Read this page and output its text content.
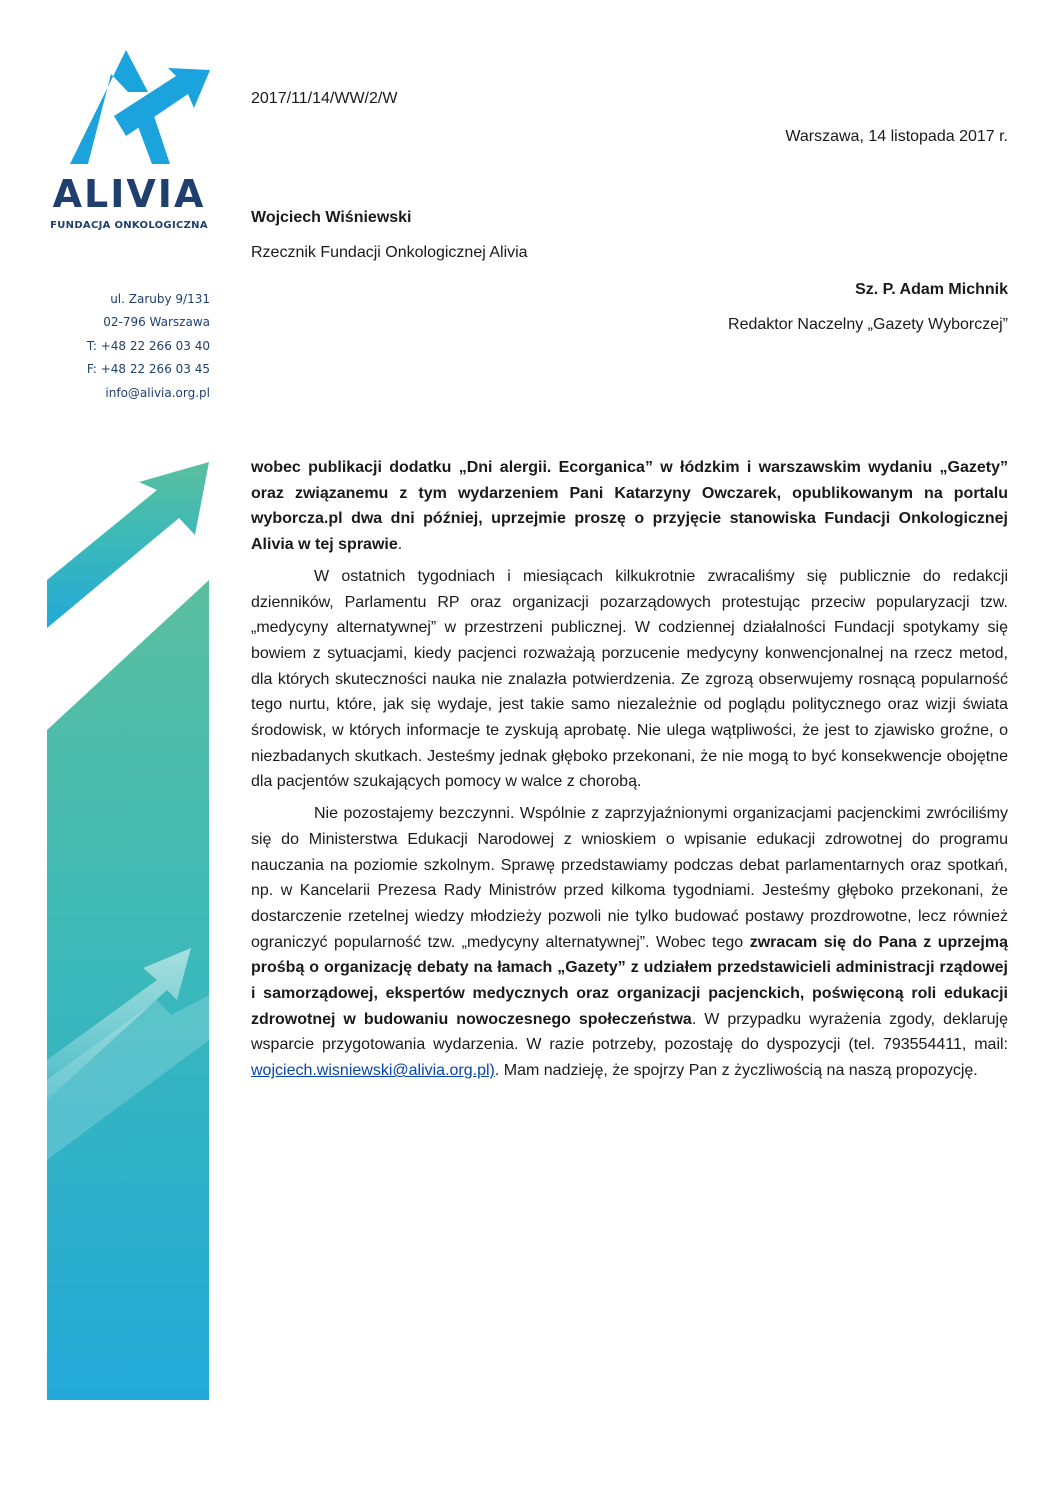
ALIVIA
FUNDACJA ONKOLOGICZNA
ul. Zaruby 9/131
02-796 Warszawa
T: +48 22 266 03 40
F: +48 22 266 03 45
info@alivia.org.pl
2017/11/14/WW/2/W
Warszawa, 14 listopada 2017 r.
Wojciech Wiśniewski
Rzecznik Fundacji Onkologicznej Alivia
Sz. P. Adam Michnik
Redaktor Naczelny „Gazety Wyborczej”

wobec publikacji dodatku „Dni alergii. Ecorganica” w łódzkim i warszawskim wydaniu „Gazety” oraz związanemu z tym wydarzeniem Pani Katarzyny Owczarek, opublikowanym na portalu wyborcza.pl dwa dni później, uprzejmie proszę o przyjęcie stanowiska Fundacji Onkologicznej Alivia w tej sprawie.

W ostatnich tygodniach i miesiącach kilkukrotnie zwracaliśmy się publicznie do redakcji dzienników, Parlamentu RP oraz organizacji pozarządowych protestując przeciw popularyzacji tzw. „medycyny alternatywnej” w przestrzeni publicznej. W codziennej działalności Fundacji spotykamy się bowiem z sytuacjami, kiedy pacjenci rozważają porzucenie medycyny konwencjonalnej na rzecz metod, dla których skuteczności nauka nie znalazła potwierdzenia. Ze zgrozą obserwujemy rosnącą popularność tego nurtu, które, jak się wydaje, jest takie samo niezależnie od poglądu politycznego oraz wizji świata środowisk, w których informacje te zyskują aprobatę. Nie ulega wątpliwości, że jest to zjawisko groźne, o niezbadanych skutkach. Jesteśmy jednak głęboko przekonani, że nie mogą to być konsekwencje obojętne dla pacjentów szukających pomocy w walce z chorobą.

Nie pozostajemy bezczynni. Wspólnie z zaprzyjaźnionymi organizacjami pacjenckimi zwróciliśmy się do Ministerstwa Edukacji Narodowej z wnioskiem o wpisanie edukacji zdrowotnej do programu nauczania na poziomie szkolnym. Sprawę przedstawiamy podczas debat parlamentarnych oraz spotkań, np. w Kancelarii Prezesa Rady Ministrów przed kilkoma tygodniami. Jesteśmy głęboko przekonani, że dostarczenie rzetelnej wiedzy młodzieży pozwoli nie tylko budować postawy prozdrowotne, lecz również ograniczyć popularność tzw. „medycyny alternatywnej”. Wobec tego zwracam się do Pana z uprzejmą prośbą o organizację debaty na łamach „Gazety” z udziałem przedstawicieli administracji rządowej i samorządowej, ekspertów medycznych oraz organizacji pacjenckich, poświęconą roli edukacji zdrowotnej w budowaniu nowoczesnego społeczeństwa. W przypadku wyrażenia zgody, deklaruję wsparcie przygotowania wydarzenia. W razie potrzeby, pozostaję do dyspozycji (tel. 793554411, mail: wojciech.wisniewski@alivia.org.pl). Mam nadzieję, że spojrzy Pan z życzliwością na naszą propozycję.
